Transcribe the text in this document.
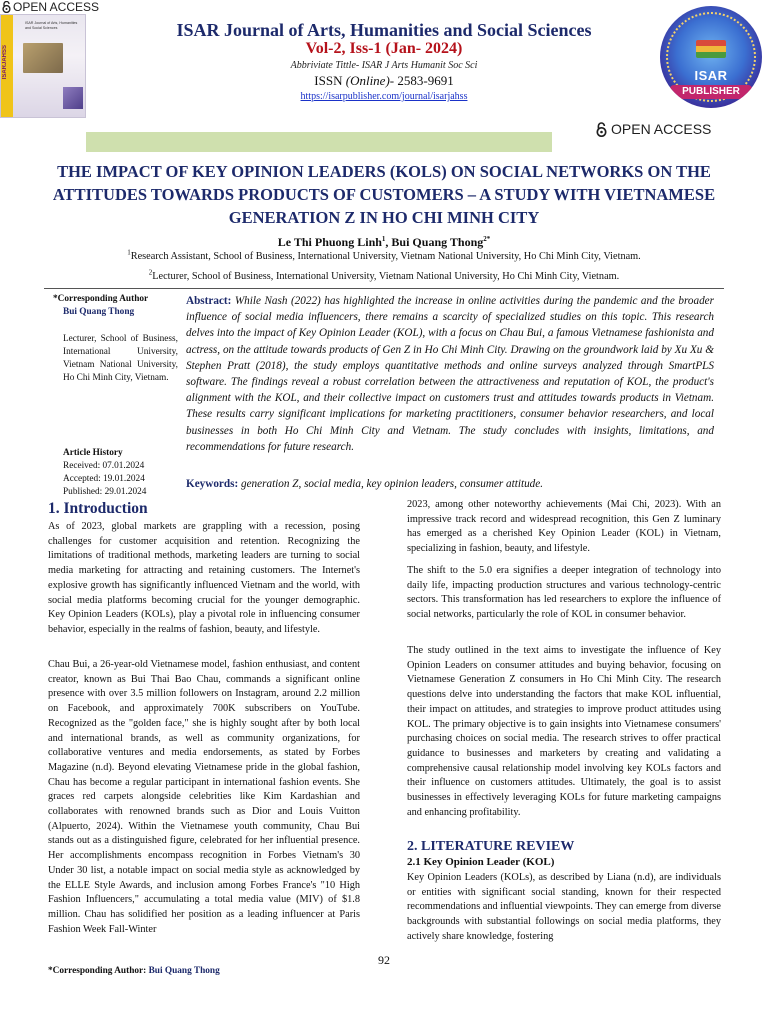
OPEN ACCESS
ISARJAHSS
ISAR Journal of Arts, Humanities and Social Sciences	ISAR Journal of Arts, Humanities and Social Sciences
Vol-2, Iss-1 (Jan- 2024)
Abbriviate Tittle- ISAR J Arts Humanit Soc Sci
ISSN (Online)- 2583-9691
https://isarpublisher.com/journal/isarjahss
ISAR
PUBLISHER
OPEN ACCESS
THE IMPACT OF KEY OPINION LEADERS (KOLS) ON SOCIAL NETWORKS ON THE ATTITUDES TOWARDS PRODUCTS OF CUSTOMERS – A STUDY WITH VIETNAMESE GENERATION Z IN HO CHI MINH CITY
Le Thi Phuong Linh$^1$, Bui Quang Thong$^{2*}$
$^1$Research Assistant, School of Business, International University, Vietnam National University, Ho Chi Minh City, Vietnam.
$^2$Lecturer, School of Business, International University, Vietnam National University, Ho Chi Minh City, Vietnam.
*Corresponding Author
Bui Quang Thong
Lecturer, School of Business, International University, Vietnam National University, Ho Chi Minh City, Vietnam.
Article History
Received: 07.01.2024
Accepted: 19.01.2024
Published: 29.01.2024
Abstract: While Nash (2022) has highlighted the increase in online activities during the pandemic and the broader influence of social media influencers, there remains a scarcity of specialized studies on this topic. This research delves into the impact of Key Opinion Leader (KOL), with a focus on Chau Bui, a famous Vietnamese fashionista and actress, on the attitude towards products of Gen Z in Ho Chi Minh City. Drawing on the groundwork laid by Xu Xu & Stephen Pratt (2018), the study employs quantitative methods and online surveys analyzed through SmartPLS software. The findings reveal a robust correlation between the attractiveness and reputation of KOL, the product's alignment with the KOL, and their collective impact on customers trust and attitudes towards products in Vietnam. These results carry significant implications for marketing practitioners, consumer behavior researchers, and local businesses in both Ho Chi Minh City and Vietnam. The study concludes with insights, limitations, and recommendations for future research.
Keywords: generation Z, social media, key opinion leaders, consumer attitude.
1. Introduction

As of 2023, global markets are grappling with a recession, posing challenges for customer acquisition and retention. Recognizing the limitations of traditional methods, marketing leaders are turning to social media marketing for attracting and retaining customers. The Internet's explosive growth has significantly influenced Vietnam and the world, with social media platforms becoming crucial for the younger demographic. Key Opinion Leaders (KOLs), play a pivotal role in influencing consumer behavior, especially in the realms of fashion, beauty, and lifestyle.

Chau Bui, a 26-year-old Vietnamese model, fashion enthusiast, and content creator, known as Bui Thai Bao Chau, commands a significant online presence with over 3.5 million followers on Instagram, around 2.2 million on Facebook, and approximately 700K subscribers on YouTube. Recognized as the "golden face," she is highly sought after by both local and international brands, as well as community organizations, for collaborative ventures and media endorsements, as stated by Forbes Magazine (n.d). Beyond elevating Vietnamese pride in the global fashion, Chau has become a regular participant in international fashion events. She graces red carpets alongside celebrities like Kim Kardashian and collaborates with renowned brands such as Dior and Louis Vuitton (Alpuerto, 2024). Within the Vietnamese youth community, Chau Bui stands out as a distinguished figure, celebrated for her influential presence. Her accomplishments encompass recognition in Forbes Vietnam's 30 Under 30 list, a notable impact on social media style as acknowledged by the ELLE Style Awards, and inclusion among Forbes France's "10 High Fashion Influencers," accumulating a total media value (MIV) of $1.8 million. Chau has solidified her position as a leading influencer at Paris Fashion Week Fall-Winter

2023, among other noteworthy achievements (Mai Chi, 2023). With an impressive track record and widespread recognition, this Gen Z luminary has emerged as a cherished Key Opinion Leader (KOL) in Vietnam, specializing in fashion, beauty, and lifestyle.

The shift to the 5.0 era signifies a deeper integration of technology into daily life, impacting production structures and various technology-centric sectors. This transformation has led researchers to explore the influence of social networks, particularly the role of KOL in consumer behavior.

The study outlined in the text aims to investigate the influence of Key Opinion Leaders on consumer attitudes and buying behavior, focusing on Vietnamese Generation Z consumers in Ho Chi Minh City. The research questions delve into understanding the factors that make KOL influential, their impact on attitudes, and strategies to improve product attitudes using KOL. The primary objective is to gain insights into Vietnamese consumers' purchasing choices on social media. The research strives to offer practical guidance to businesses and marketers by creating and validating a comprehensive causal relationship model involving key KOLs factors and their influence on customers attitudes. Ultimately, the goal is to assist businesses in effectively leveraging KOLs for future marketing campaigns and enhancing profitability.

2. LITERATURE REVIEW
2.1 Key Opinion Leader (KOL)

Key Opinion Leaders (KOLs), as described by Liana (n.d), are individuals or entities with significant social standing, known for their respected recommendations and influential viewpoints. They can emerge from diverse backgrounds with substantial followings on social media platforms, they actively share knowledge, fostering

92
*Corresponding Author: Bui Quang Thong
